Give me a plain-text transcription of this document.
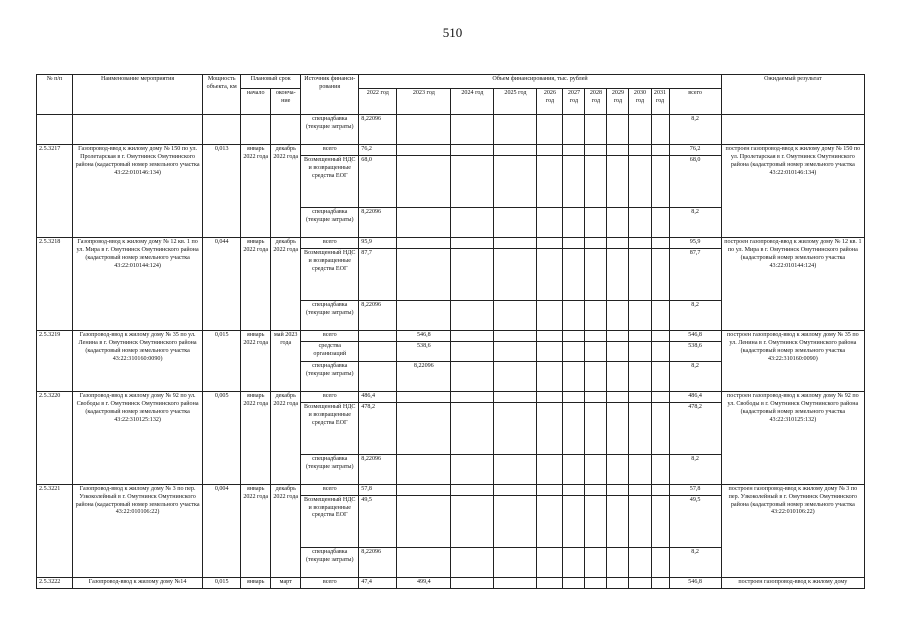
510
№ п/п	Наименование мероприятия	Мощность объекта, км	Плановый срок		Источник финанси-рования	Объем финансирования, тыс. рублей											Ожидаемый результат
			начало	оконча-ние		2022 год	2023 год	2024 год	2025 год	2026 год	2027 год	2028 год	2029 год	2030 год	2031 год	всего	
					спецнадбавка (текущие затраты)	8,22096										8,2	
2.5.3217	Газопровод-ввод к жилому дому № 150 по ул. Пролетарская в г. Омутнинск Омутнинского района (кадастровый номер земельного участка 43:22:010146:134)	0,013	январь 2022 года	декабрь 2022 года	всего	76,2										76,2	построен газопровод-ввод к жилому дому № 150 по ул. Пролетарская в г. Омутнинск Омутнинского района (кадастровый номер земельного участка 43:22:010146:134)
					Возмещенный НДС и возвращенные средства ЕОГ	68,0										68,0	
					спецнадбавка (текущие затраты)	8,22096										8,2	
2.5.3218	Газопровод-ввод к жилому дому № 12 кв. 1 по ул. Мира в г. Омутнинск Омутнинского района (кадастровый номер земельного участка 43:22:010144:124)	0,044	январь 2022 года	декабрь 2022 года	всего	95,9										95,9	построен газопровод-ввод к жилому дому № 12 кв. 1 по ул. Мира в г. Омутнинск Омутнинского района (кадастровый номер земельного участка 43:22:010144:124)
					Возмещенный НДС и возвращенные средства ЕОГ	87,7										87,7	
					спецнадбавка (текущие затраты)	8,22096										8,2	
2.5.3219	Газопровод-ввод к жилому дому № 35 по ул. Ленина в г. Омутнинск Омутнинского района (кадастровый номер земельного участка 43:22:310160:0090)	0,015	январь 2022 года	май 2023 года	всего		546,8									546,8	построен газопровод-ввод к жилому дому № 35 по ул. Ленина в г. Омутнинск Омутнинского района (кадастровый номер земельного участка 43:22:310160:0090)
					средства организаций		538,6									538,6	
					спецнадбавка (текущие затраты)		8,22096									8,2	
2.5.3220	Газопровод-ввод к жилому дому № 92 по ул. Свободы в г. Омутнинск Омутнинского района (кадастровый номер земельного участка 43:22:310125:132)	0,005	январь 2022 года	декабрь 2022 года	всего	486,4										486,4	построен газопровод-ввод к жилому дому № 92 по ул. Свободы в г. Омутнинск Омутнинского района (кадастровый номер земельного участка 43:22:310125:132)
					Возмещенный НДС и возвращенные средства ЕОГ	478,2										478,2	
					спецнадбавка (текущие затраты)	8,22096										8,2	
2.5.3221	Газопровод-ввод к жилому дому № 3 по пер. Узкоколейный в г. Омутнинск Омутнинского района (кадастровый номер земельного участка 43:22:010106:22)	0,004	январь 2022 года	декабрь 2022 года	всего	57,8										57,8	построен газопровод-ввод к жилому дому № 3 по пер. Узкоколейный в г. Омутнинск Омутнинского района (кадастровый номер земельного участка 43:22:010106:22)
					Возмещенный НДС и возвращенные средства ЕОГ	49,5										49,5	
					спецнадбавка (текущие затраты)	8,22096										8,2	
2.5.3222	Газопровод-ввод к жилому дому №14	0,015	январь	март	всего	47,4	499,4									546,8	построен газопровод-ввод к жилому дому
